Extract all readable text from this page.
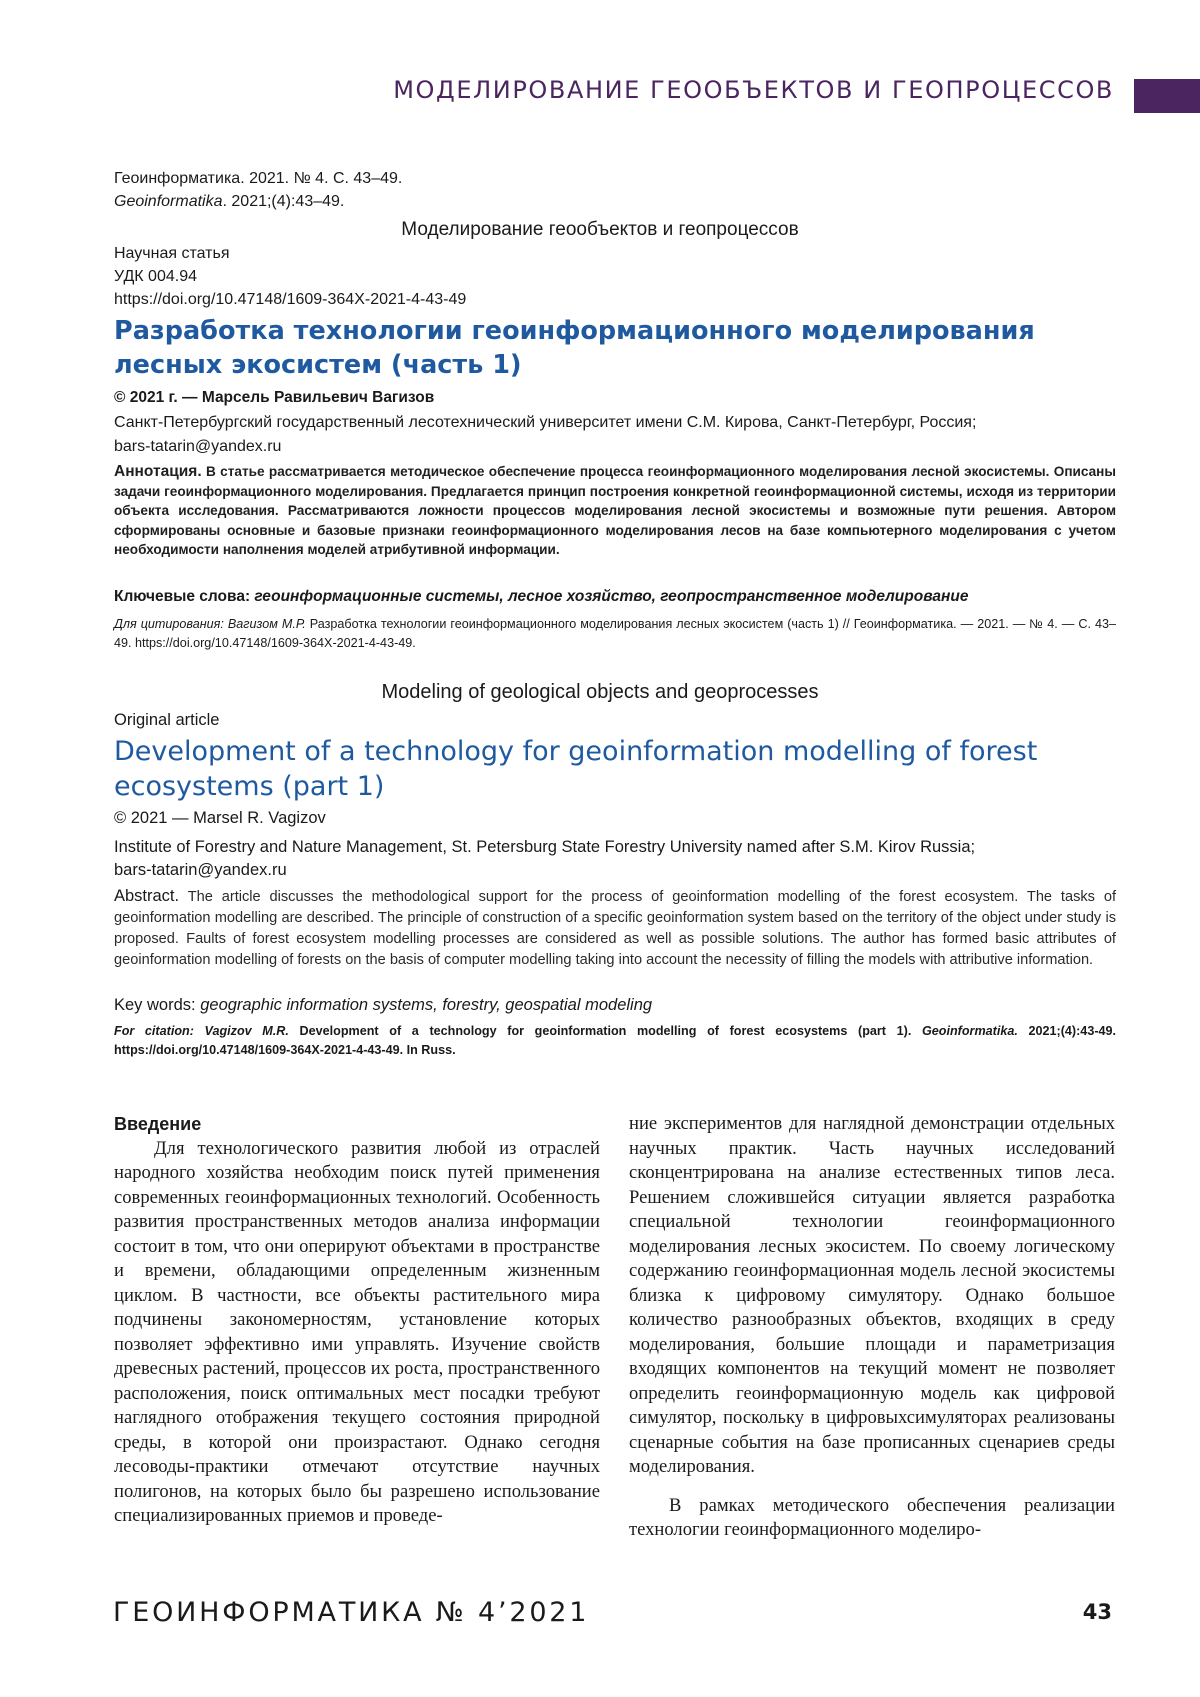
МОДЕЛИРОВАНИЕ ГЕООБЪЕКТОВ И ГЕОПРОЦЕССОВ
Геоинформатика. 2021. № 4. С. 43–49.
Geoinformatika. 2021;(4):43–49.
Моделирование геообъектов и геопроцессов
Научная статья
УДК 004.94
https://doi.org/10.47148/1609-364X-2021-4-43-49
Разработка технологии геоинформационного моделирования лесных экосистем (часть 1)
© 2021 г. — Марсель Равильевич Вагизов
Санкт-Петербургский государственный лесотехнический университет имени С.М. Кирова, Санкт-Петербург, Россия;
bars-tatarin@yandex.ru
Аннотация. В статье рассматривается методическое обеспечение процесса геоинформационного моделирования лесной экосистемы. Описаны задачи геоинформационного моделирования. Предлагается принцип построения конкретной геоинформационной системы, исходя из территории объекта исследования. Рассматриваются ложности процессов моделирования лесной экосистемы и возможные пути решения. Автором сформированы основные и базовые признаки геоинформационного моделирования лесов на базе компьютерного моделирования с учетом необходимости наполнения моделей атрибутивной информации.
Ключевые слова: геоинформационные системы, лесное хозяйство, геопространственное моделирование
Для цитирования: Вагизом М.Р. Разработка технологии геоинформационного моделирования лесных экосистем (часть 1) // Геоинформатика. — 2021. — № 4. — С. 43–49. https://doi.org/10.47148/1609-364X-2021-4-43-49.
Modeling of geological objects and geoprocesses
Original article
Development of a technology for geoinformation modelling of forest ecosystems (part 1)
© 2021 — Marsel R. Vagizov
Institute of Forestry and Nature Management, St. Petersburg State Forestry University named after S.M. Kirov Russia;
bars-tatarin@yandex.ru
Abstract. The article discusses the methodological support for the process of geoinformation modelling of the forest ecosystem. The tasks of geoinformation modelling are described. The principle of construction of a specific geoinformation system based on the territory of the object under study is proposed. Faults of forest ecosystem modelling processes are considered as well as possible solutions. The author has formed basic attributes of geoinformation modelling of forests on the basis of computer modelling taking into account the necessity of filling the models with attributive information.
Key words: geographic information systems, forestry, geospatial modeling
For citation: Vagizov M.R. Development of a technology for geoinformation modelling of forest ecosystems (part 1). Geoinformatika. 2021;(4):43-49. https://doi.org/10.47148/1609-364X-2021-4-43-49. In Russ.

Введение

Для технологического развития любой из отраслей народного хозяйства необходим поиск путей применения современных геоинформационных технологий. Особенность развития пространственных методов анализа информации состоит в том, что они оперируют объектами в пространстве и времени, обладающими определенным жизненным циклом. В частности, все объекты растительного мира подчинены закономерностям, установление которых позволяет эффективно ими управлять. Изучение свойств древесных растений, процессов их роста, пространственного расположения, поиск оптимальных мест посадки требуют наглядного отображения текущего состояния природной среды, в которой они произрастают. Однако сегодня лесоводы-практики отмечают отсутствие научных полигонов, на которых было бы разрешено использование специализированных приемов и проведе-

ние экспериментов для наглядной демонстрации отдельных научных практик. Часть научных исследований сконцентрирована на анализе естественных типов леса. Решением сложившейся ситуации является разработка специальной технологии геоинформационного моделирования лесных экосистем. По своему логическому содержанию геоинформационная модель лесной экосистемы близка к цифровому симулятору. Однако большое количество разнообразных объектов, входящих в среду моделирования, большие площади и параметризация входящих компонентов на текущий момент не позволяет определить геоинформационную модель как цифровой симулятор, поскольку в цифровыхсимуляторах реализованы сценарные события на базе прописанных сценариев среды моделирования.

В рамках методического обеспечения реализации технологии геоинформационного моделиро-

ГЕОИНФОРМАТИКА № 4’2021	43
